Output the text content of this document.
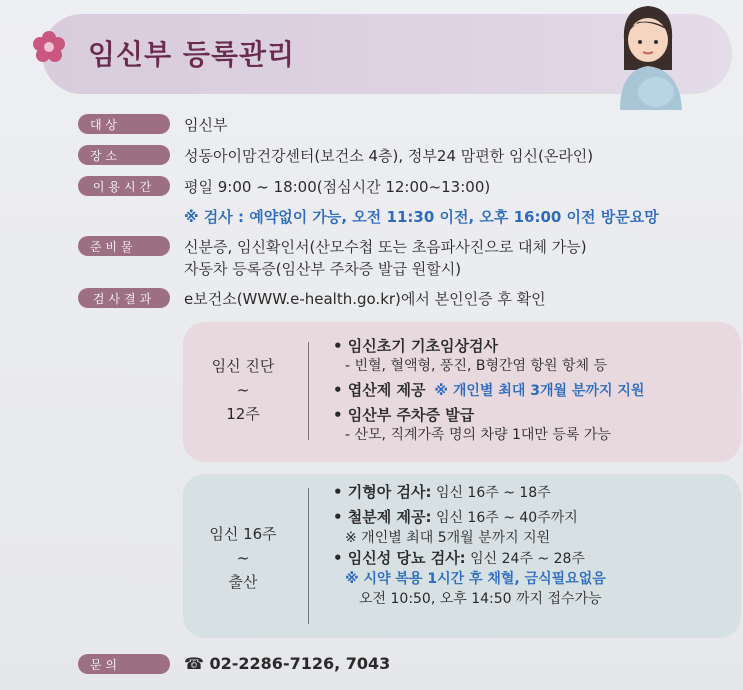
임신부 등록관리
대 상	임신부
장 소	성동아이맘건강센터(보건소 4층), 정부24 맘편한 임신(온라인)
이용시간	평일 9:00 ~ 18:00(점심시간 12:00~13:00)
※ 검사 : 예약없이 가능, 오전 11:30 이전, 오후 16:00 이전 방문요망
준 비 물	신분증, 임신확인서(산모수첩 또는 초음파사진으로 대체 가능)
자동차 등록증(임산부 주차증 발급 원할시)
검사결과	e보건소(WWW.e-health.go.kr)에서 본인인증 후 확인
임신 진단
~
12주
• 임신초기 기초임상검사
- 빈혈, 혈액형, 풍진, B형간염 항원 항체 등
• 엽산제 제공 ※ 개인별 최대 3개월 분까지 지원
• 임산부 주차증 발급
- 산모, 직계가족 명의 차량 1대만 등록 가능
임신 16주
~
출산
• 기형아 검사: 임신 16주 ~ 18주
• 철분제 제공: 임신 16주 ~ 40주까지
※ 개인별 최대 5개월 분까지 지원
• 임신성 당뇨 검사: 임신 24주 ~ 28주
※ 시약 복용 1시간 후 채혈, 금식필요없음
오전 10:50, 오후 14:50 까지 접수가능
문 의	☎ 02-2286-7126, 7043
